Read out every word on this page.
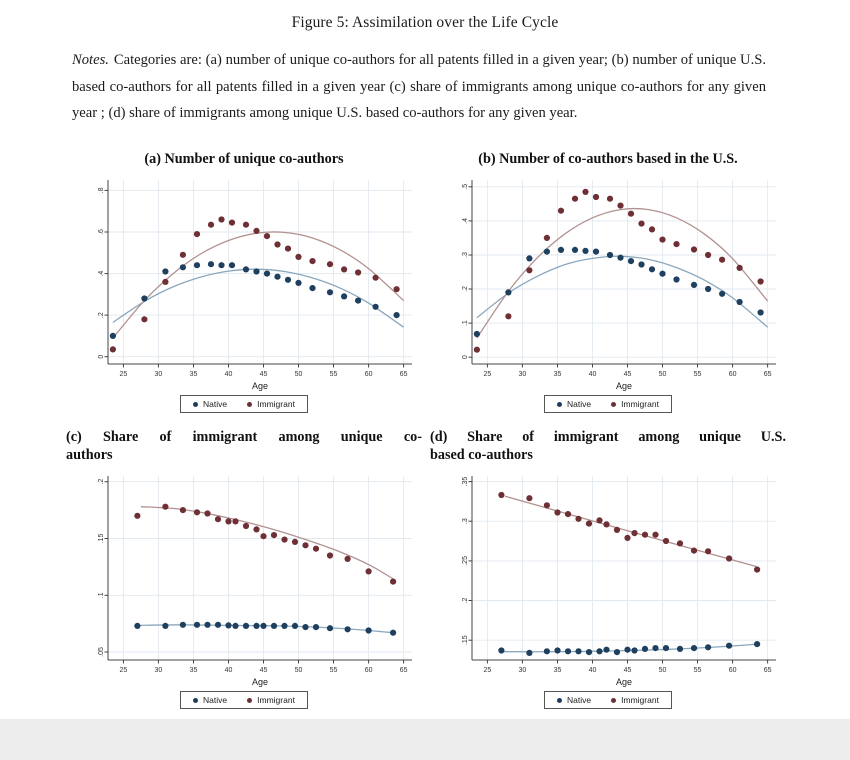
Figure 5: Assimilation over the Life Cycle

Notes. Categories are: (a) number of unique co-authors for all patents filled in a given year; (b) number of unique U.S. based co-authors for all patents filled in a given year (c) share of immigrants among unique co-authors for any given year ; (d) share of immigrants among unique U.S. based co-authors for any given year.

(a) Number of unique co-authors
25	30	35	40	45	50	55	60	65
0
.2
.4
.6
.8
Age
Native	Immigrant
(b) Number of co-authors based in the U.S.
25	30	35	40	45	50	55	60	65
0
.1
.2
.3
.4
.5
Age
Native	Immigrant
(c) Share of immigrant among unique co-
authors
25	30	35	40	45	50	55	60	65
.05
.1
.15
.2
Age
Native	Immigrant
(d) Share of immigrant among unique U.S.
based co-authors
25	30	35	40	45	50	55	60	65
.15
.2
.25
.3
.35
Age
Native	Immigrant
